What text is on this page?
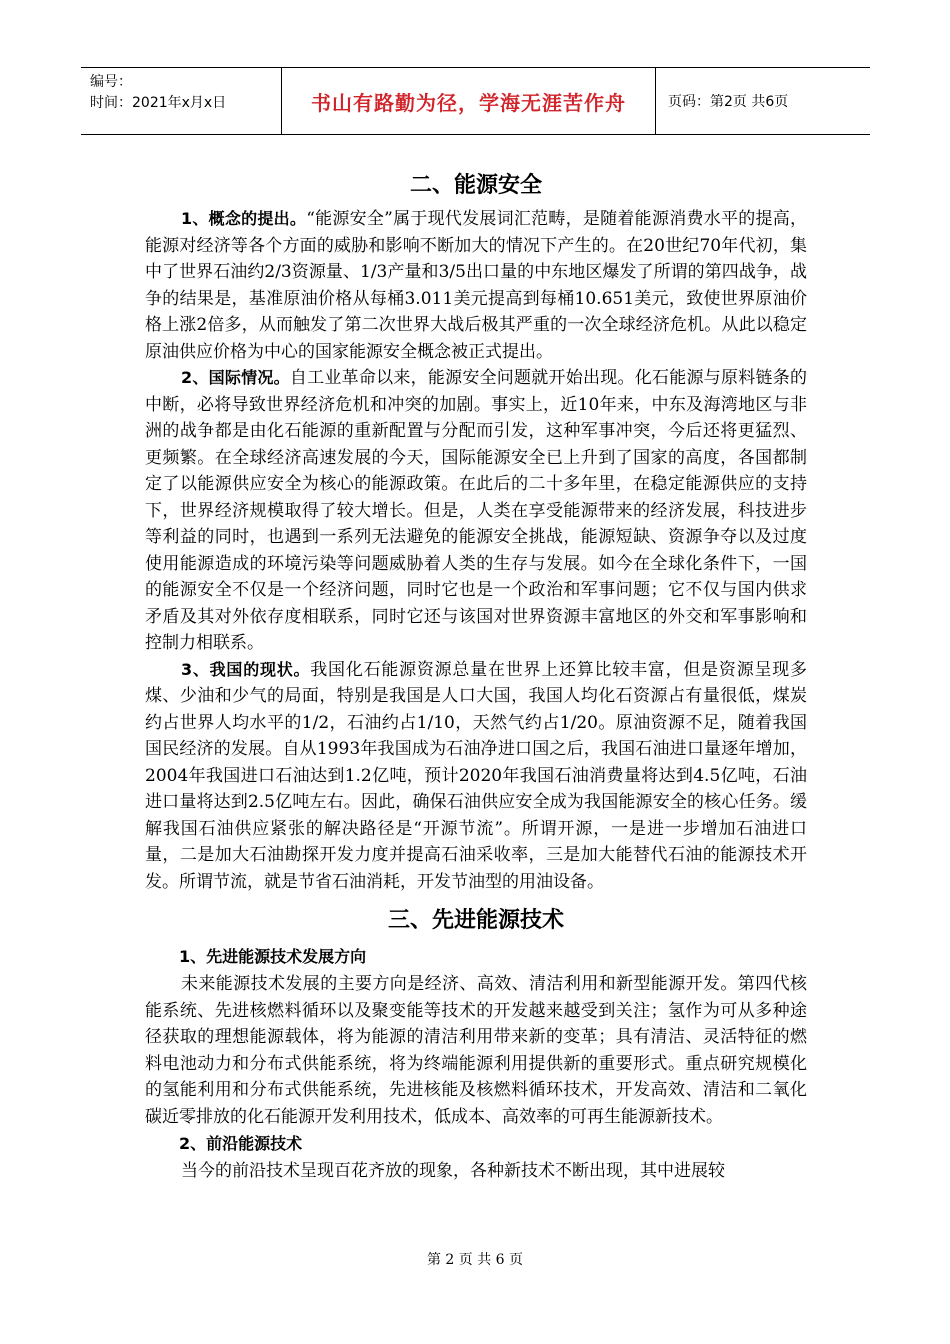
编号：
时间：2021年x月x日	书山有路勤为径，学海无涯苦作舟	页码：第2页 共6页
二、能源安全

1、概念的提出。“能源安全”属于现代发展词汇范畴，是随着能源消费水平的提高，能源对经济等各个方面的威胁和影响不断加大的情况下产生的。在20世纪70年代初，集中了世界石油约2/3资源量、1/3产量和3/5出口量的中东地区爆发了所谓的第四战争，战争的结果是，基准原油价格从每桶3.011美元提高到每桶10.651美元，致使世界原油价格上涨2倍多，从而触发了第二次世界大战后极其严重的一次全球经济危机。从此以稳定原油供应价格为中心的国家能源安全概念被正式提出。

2、国际情况。自工业革命以来，能源安全问题就开始出现。化石能源与原料链条的中断，必将导致世界经济危机和冲突的加剧。事实上，近10年来，中东及海湾地区与非洲的战争都是由化石能源的重新配置与分配而引发，这种军事冲突，今后还将更猛烈、更频繁。在全球经济高速发展的今天，国际能源安全已上升到了国家的高度，各国都制定了以能源供应安全为核心的能源政策。在此后的二十多年里，在稳定能源供应的支持下，世界经济规模取得了较大增长。但是，人类在享受能源带来的经济发展，科技进步等利益的同时，也遇到一系列无法避免的能源安全挑战，能源短缺、资源争夺以及过度使用能源造成的环境污染等问题威胁着人类的生存与发展。如今在全球化条件下，一国的能源安全不仅是一个经济问题，同时它也是一个政治和军事问题；它不仅与国内供求矛盾及其对外依存度相联系，同时它还与该国对世界资源丰富地区的外交和军事影响和控制力相联系。

3、我国的现状。我国化石能源资源总量在世界上还算比较丰富，但是资源呈现多煤、少油和少气的局面，特别是我国是人口大国，我国人均化石资源占有量很低，煤炭约占世界人均水平的1/2，石油约占1/10，天然气约占1/20。原油资源不足，随着我国国民经济的发展。自从1993年我国成为石油净进口国之后，我国石油进口量逐年增加，2004年我国进口石油达到1.2亿吨，预计2020年我国石油消费量将达到4.5亿吨，石油进口量将达到2.5亿吨左右。因此，确保石油供应安全成为我国能源安全的核心任务。缓解我国石油供应紧张的解决路径是“开源节流”。所谓开源，一是进一步增加石油进口量，二是加大石油勘探开发力度并提高石油采收率，三是加大能替代石油的能源技术开发。所谓节流，就是节省石油消耗，开发节油型的用油设备。

三、先进能源技术
1、先进能源技术发展方向

未来能源技术发展的主要方向是经济、高效、清洁利用和新型能源开发。第四代核能系统、先进核燃料循环以及聚变能等技术的开发越来越受到关注；氢作为可从多种途径获取的理想能源载体，将为能源的清洁利用带来新的变革；具有清洁、灵活特征的燃料电池动力和分布式供能系统，将为终端能源利用提供新的重要形式。重点研究规模化的氢能利用和分布式供能系统，先进核能及核燃料循环技术，开发高效、清洁和二氧化碳近零排放的化石能源开发利用技术，低成本、高效率的可再生能源新技术。

2、前沿能源技术

当今的前沿技术呈现百花齐放的现象，各种新技术不断出现，其中进展较

第 2 页 共 6 页
